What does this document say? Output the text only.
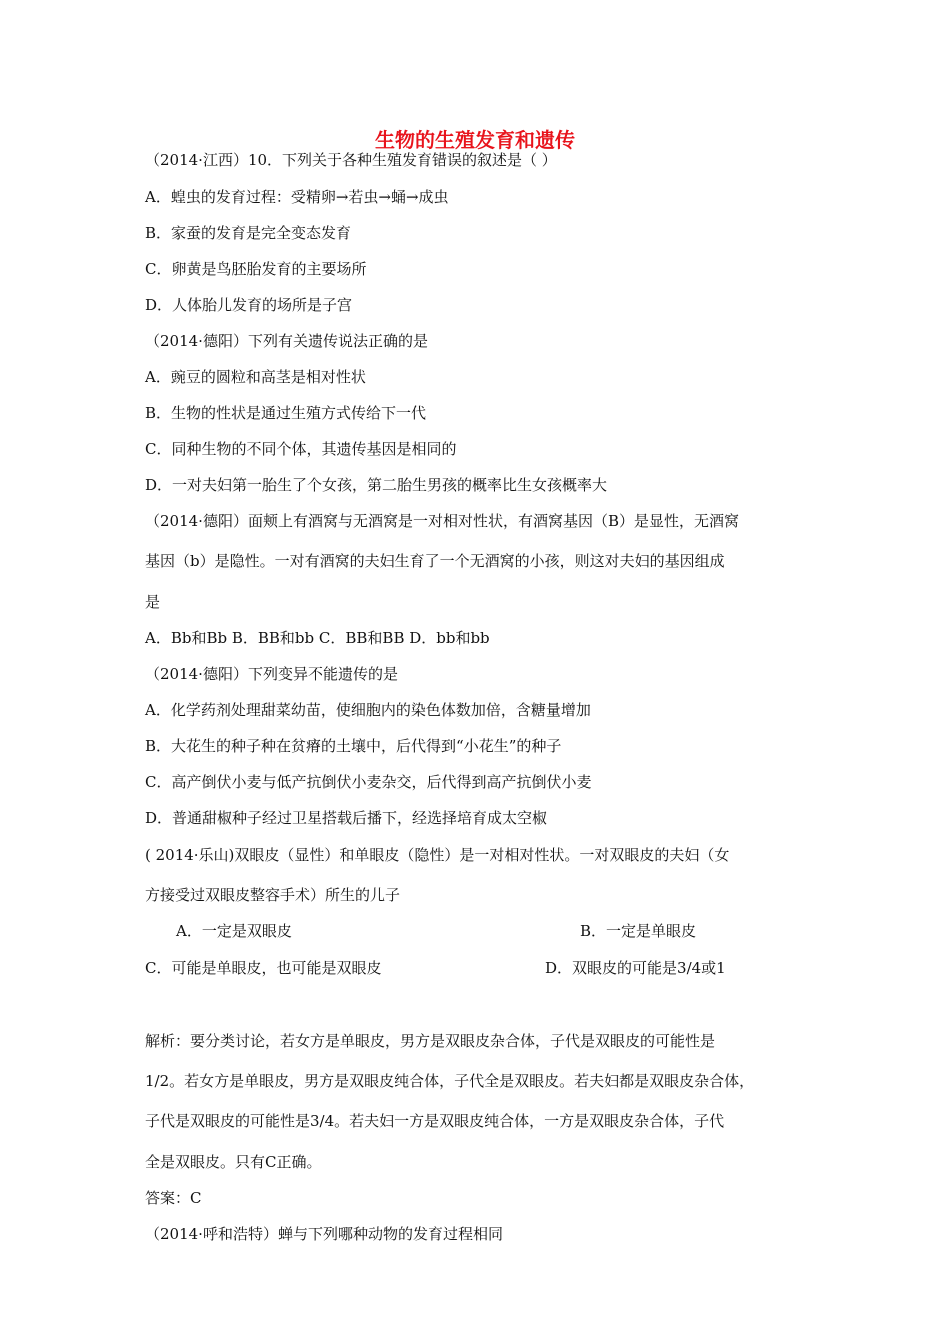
生物的生殖发育和遗传
（2014·江西）10．下列关于各种生殖发育错误的叙述是（ ）
A．蝗虫的发育过程：受精卵→若虫→蛹→成虫
B．家蚕的发育是完全变态发育
C．卵黄是鸟胚胎发育的主要场所
D．人体胎儿发育的场所是子宫
（2014·德阳）下列有关遗传说法正确的是
A．豌豆的圆粒和高茎是相对性状
B．生物的性状是通过生殖方式传给下一代
C．同种生物的不同个体，其遗传基因是相同的
D．一对夫妇第一胎生了个女孩，第二胎生男孩的概率比生女孩概率大
（2014·德阳）面颊上有酒窝与无酒窝是一对相对性状，有酒窝基因（B）是显性，无酒窝
基因（b）是隐性。一对有酒窝的夫妇生育了一个无酒窝的小孩，则这对夫妇的基因组成
是
A．Bb和Bb B．BB和bb C．BB和BB D．bb和bb
（2014·德阳）下列变异不能遗传的是
A．化学药剂处理甜菜幼苗，使细胞内的染色体数加倍，含糖量增加
B．大花生的种子种在贫瘠的土壤中，后代得到“小花生”的种子
C．高产倒伏小麦与低产抗倒伏小麦杂交，后代得到高产抗倒伏小麦
D．普通甜椒种子经过卫星搭载后播下，经选择培育成太空椒
( 2014·乐山)双眼皮（显性）和单眼皮（隐性）是一对相对性状。一对双眼皮的夫妇（女
方接受过双眼皮整容手术）所生的儿子
解析：要分类讨论，若女方是单眼皮，男方是双眼皮杂合体，子代是双眼皮的可能性是
1/2。若女方是单眼皮，男方是双眼皮纯合体，子代全是双眼皮。若夫妇都是双眼皮杂合体，
子代是双眼皮的可能性是3/4。若夫妇一方是双眼皮纯合体，一方是双眼皮杂合体，子代
全是双眼皮。只有C正确。
答案：C
（2014·呼和浩特）蝉与下列哪种动物的发育过程相同
A．一定是双眼皮	B．一定是单眼皮
C．可能是单眼皮，也可能是双眼皮	D．双眼皮的可能是3/4或1
